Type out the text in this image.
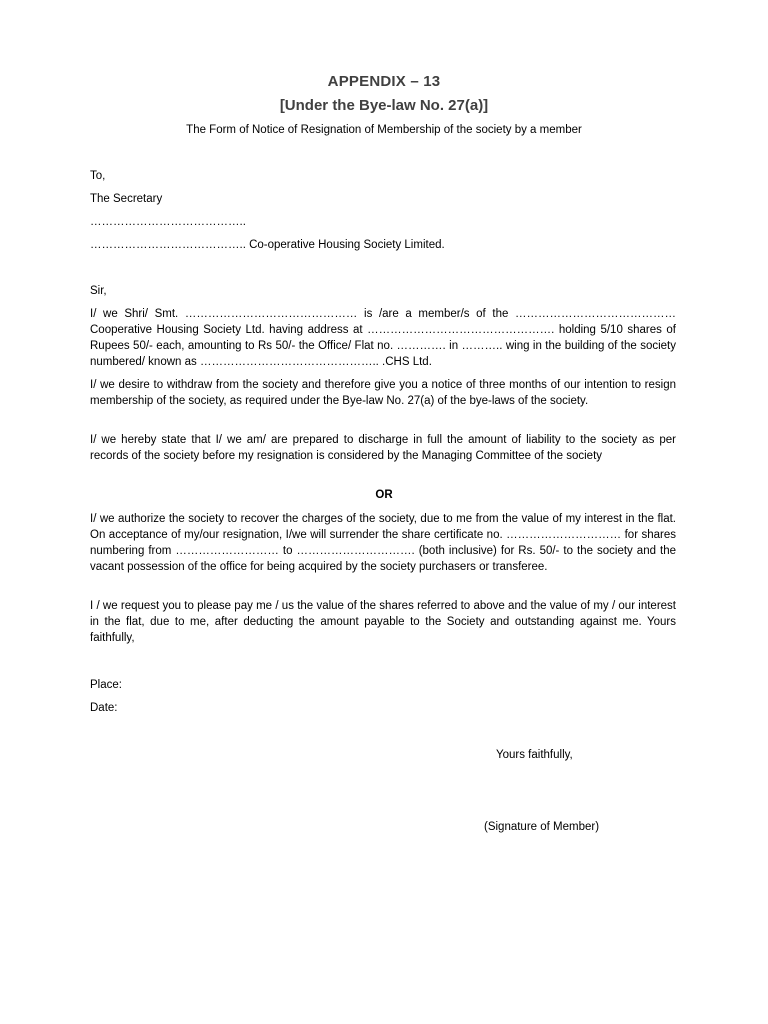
APPENDIX – 13
[Under the Bye-law No. 27(a)]
The Form of Notice of Resignation of Membership of the society by a member
To,
The Secretary
…………………………………..
………………………………….. Co-operative Housing Society Limited.
Sir,
I/ we Shri/ Smt. ……………………………………… is /are a member/s of the …………………………………… Cooperative Housing Society Ltd. having address at …………………………………………. holding 5/10 shares of Rupees 50/- each, amounting to Rs 50/- the Office/ Flat no. …………. in ……….. wing in the building of the society numbered/ known as ……………………………………….. .CHS Ltd.
I/ we desire to withdraw from the society and therefore give you a notice of three months of our intention to resign membership of the society, as required under the Bye-law No. 27(a) of the bye-laws of the society.
I/ we hereby state that I/ we am/ are prepared to discharge in full the amount of liability to the society as per records of the society before my resignation is considered by the Managing Committee of the society
OR
I/ we authorize the society to recover the charges of the society, due to me from the value of my interest in the flat. On acceptance of my/our resignation, I/we will surrender the share certificate no. ………………………… for shares numbering from ……………………… to …………………………. (both inclusive) for Rs. 50/- to the society and the vacant possession of the office for being acquired by the society purchasers or transferee.
I / we request you to please pay me / us the value of the shares referred to above and the value of my / our interest in the flat, due to me, after deducting the amount payable to the Society and outstanding against me. Yours faithfully,
Place:
Date:
Yours faithfully,
(Signature of Member)
